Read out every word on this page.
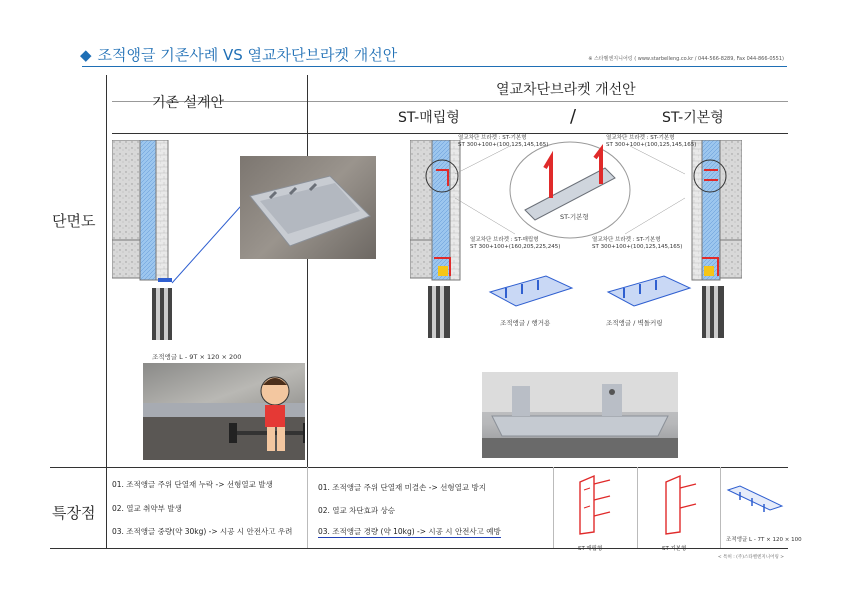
◆ 조적앵글 기존사례 VS 열교차단브라켓 개선안	※ 스타벨엔지니어링 ( www.starbelleng.co.kr / 044-566-8289, Fax 044-866-0551)
기존 설계안
열교차단브라켓 개선안
ST-매립형	/	ST-기본형
단면도
특장점
조적앵글 L - 9T × 120 × 200
ST-기본형
열교차단 브라켓 : ST-기본형
ST 300+100+(100,125,145,165)
열교차단 브라켓 : ST-기본형
ST 300+100+(100,125,145,165)
열교차단 브라켓 : ST-매립형
ST 300+100+(160,205,225,245)
열교차단 브라켓 : ST-기본형
ST 300+100+(100,125,145,165)
조적앵글 / 행거용	조적앵글 / 벽돌커링
01. 조적앵글 주위 단열재 누락 -> 선형열교 발생
02. 열교 취약부 발생
03. 조적앵글 중량(약 30kg) -> 시공 시 안전사고 우려
01. 조적앵글 주위 단열재 미결손 -> 선형열교 방지
02. 열교 차단효과 상승
03. 조적앵글 경량 (약 10kg) -> 시공 시 안전사고 예방
ST-매립형	ST-기본형
조적앵글 L - 7T × 120 × 100
< 특허 : (주)스타벨엔지니어링 >
